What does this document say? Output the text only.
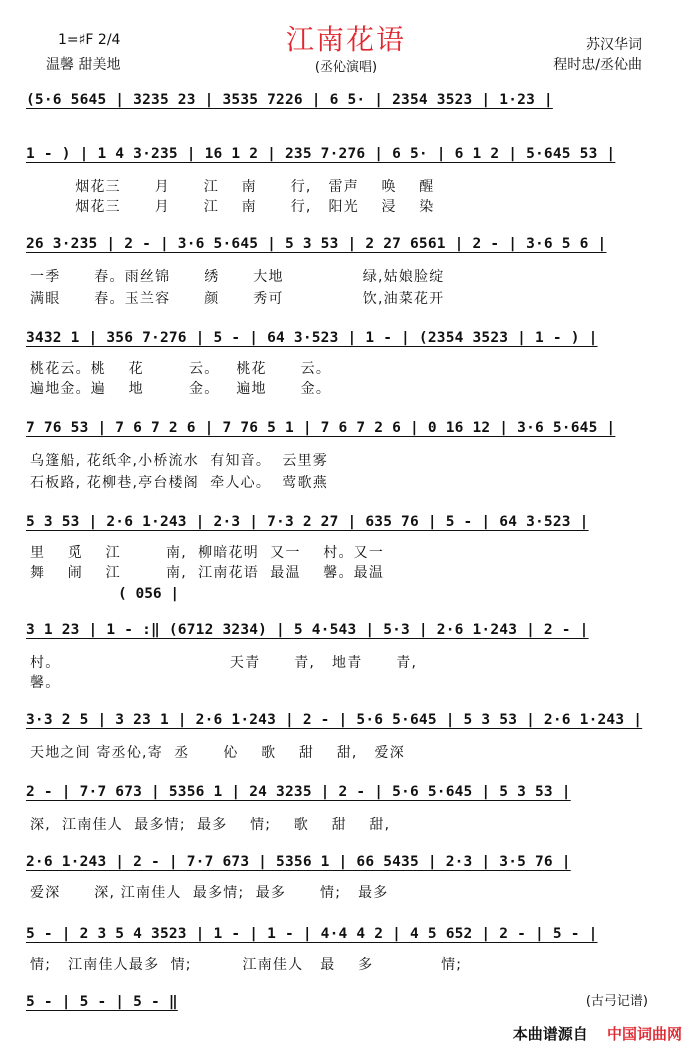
江南花语
1=♯F 2/4
温馨 甜美地	(丞伈演唱)
苏汉华词
程时忠/丞伈曲
(5·6 5645 | 3235 23 | 3535 7226 | 6 5· | 2354 3523 | 1·23 |
1 - ) | 1 4 3·235 | 16 1 2 | 235 7·276 | 6 5· | 6 1 2 | 5·645 53 |
烟花三      月      江    南      行,   雷声    唤    醒
烟花三      月      江    南      行,   阳光    浸    染
26 3·235 | 2 - | 3·6 5·645 | 5 3 53 | 2 27 6561 | 2 - | 3·6 5 6 |
一季      春。雨丝锦      绣      大地              绿,姑娘脸绽
满眼      春。玉兰容      颜      秀可              饮,油菜花开
3432 1 | 356 7·276 | 5 - | 64 3·523 | 1 - | (2354 3523 | 1 - ) |
桃花云。桃    花        云。   桃花      云。
遍地金。遍    地        金。   遍地      金。
7 76 53 | 7 6 7 2 6 | 7 76 5 1 | 7 6 7 2 6 | 0 16 12 | 3·6 5·645 |
乌篷船, 花纸伞,小桥流水  有知音。  云里雾
石板路, 花柳巷,亭台楼阁  牵人心。  莺歌燕
5 3 53 | 2·6 1·243 | 2·3 | 7·3 2 27 | 635 76 | 5 - | 64 3·523 |
里    觅    江        南,  柳暗花明  又一    村。又一
舞    闹    江        南,  江南花语  最温    馨。最温
( 056 |
3 1 23 | 1 - :‖ (6712 3234) | 5 4·543 | 5·3 | 2·6 1·243 | 2 - |
村。                              天青      青,   地青      青,
馨。
3·3 2 5 | 3 23 1 | 2·6 1·243 | 2 - | 5·6 5·645 | 5 3 53 | 2·6 1·243 |
天地之间 寄丞伈,寄  丞      伈    歌    甜    甜,   爱深
2 - | 7·7 673 | 5356 1 | 24 3235 | 2 - | 5·6 5·645 | 5 3 53 |
深,  江南佳人  最多情;  最多    情;    歌    甜    甜,
2·6 1·243 | 2 - | 7·7 673 | 5356 1 | 66 5435 | 2·3 | 3·5 76 |
爱深      深, 江南佳人  最多情;  最多      情;   最多
5 - | 2 3 5 4 3523 | 1 - | 1 - | 4·4 4 2 | 4 5 652 | 2 - | 5 - |
情;   江南佳人最多  情;         江南佳人   最    多            情;
5 - | 5 - | 5 - ‖	(古弓记谱)
本曲谱源自 中国词曲网
